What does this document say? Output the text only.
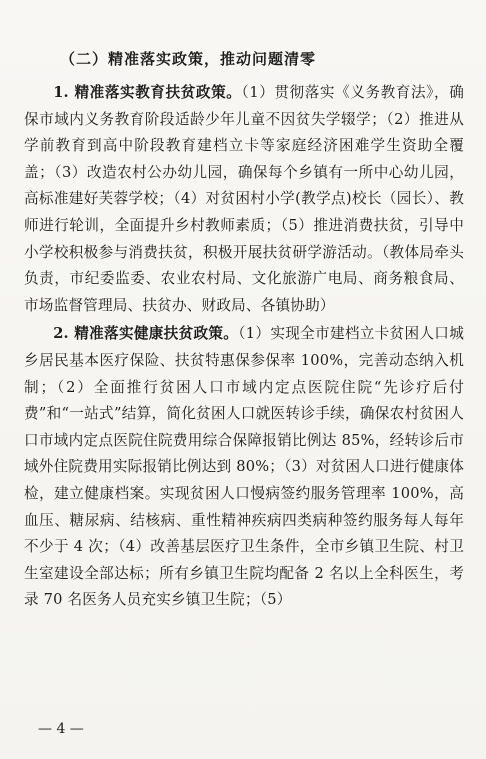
（二）精准落实政策，推动问题清零

1. 精准落实教育扶贫政策。（1）贯彻落实《义务教育法》，确保市域内义务教育阶段适龄少年儿童不因贫失学辍学；（2）推进从学前教育到高中阶段教育建档立卡等家庭经济困难学生资助全覆盖；（3）改造农村公办幼儿园，确保每个乡镇有一所中心幼儿园，高标准建好芙蓉学校；（4）对贫困村小学(教学点)校长（园长）、教师进行轮训，全面提升乡村教师素质；（5）推进消费扶贫，引导中小学校积极参与消费扶贫，积极开展扶贫研学游活动。（教体局牵头负责，市纪委监委、农业农村局、文化旅游广电局、商务粮食局、市场监督管理局、扶贫办、财政局、各镇协助）

2. 精准落实健康扶贫政策。（1）实现全市建档立卡贫困人口城乡居民基本医疗保险、扶贫特惠保参保率 100%，完善动态纳入机制；（2）全面推行贫困人口市域内定点医院住院“先诊疗后付费”和“一站式”结算，简化贫困人口就医转诊手续，确保农村贫困人口市域内定点医院住院费用综合保障报销比例达 85%，经转诊后市域外住院费用实际报销比例达到 80%；（3）对贫困人口进行健康体检，建立健康档案。实现贫困人口慢病签约服务管理率 100%，高血压、糖尿病、结核病、重性精神疾病四类病种签约服务每人每年不少于 4 次；（4）改善基层医疗卫生条件，全市乡镇卫生院、村卫生室建设全部达标；所有乡镇卫生院均配备 2 名以上全科医生，考录 70 名医务人员充实乡镇卫生院；（5）

— 4 —
